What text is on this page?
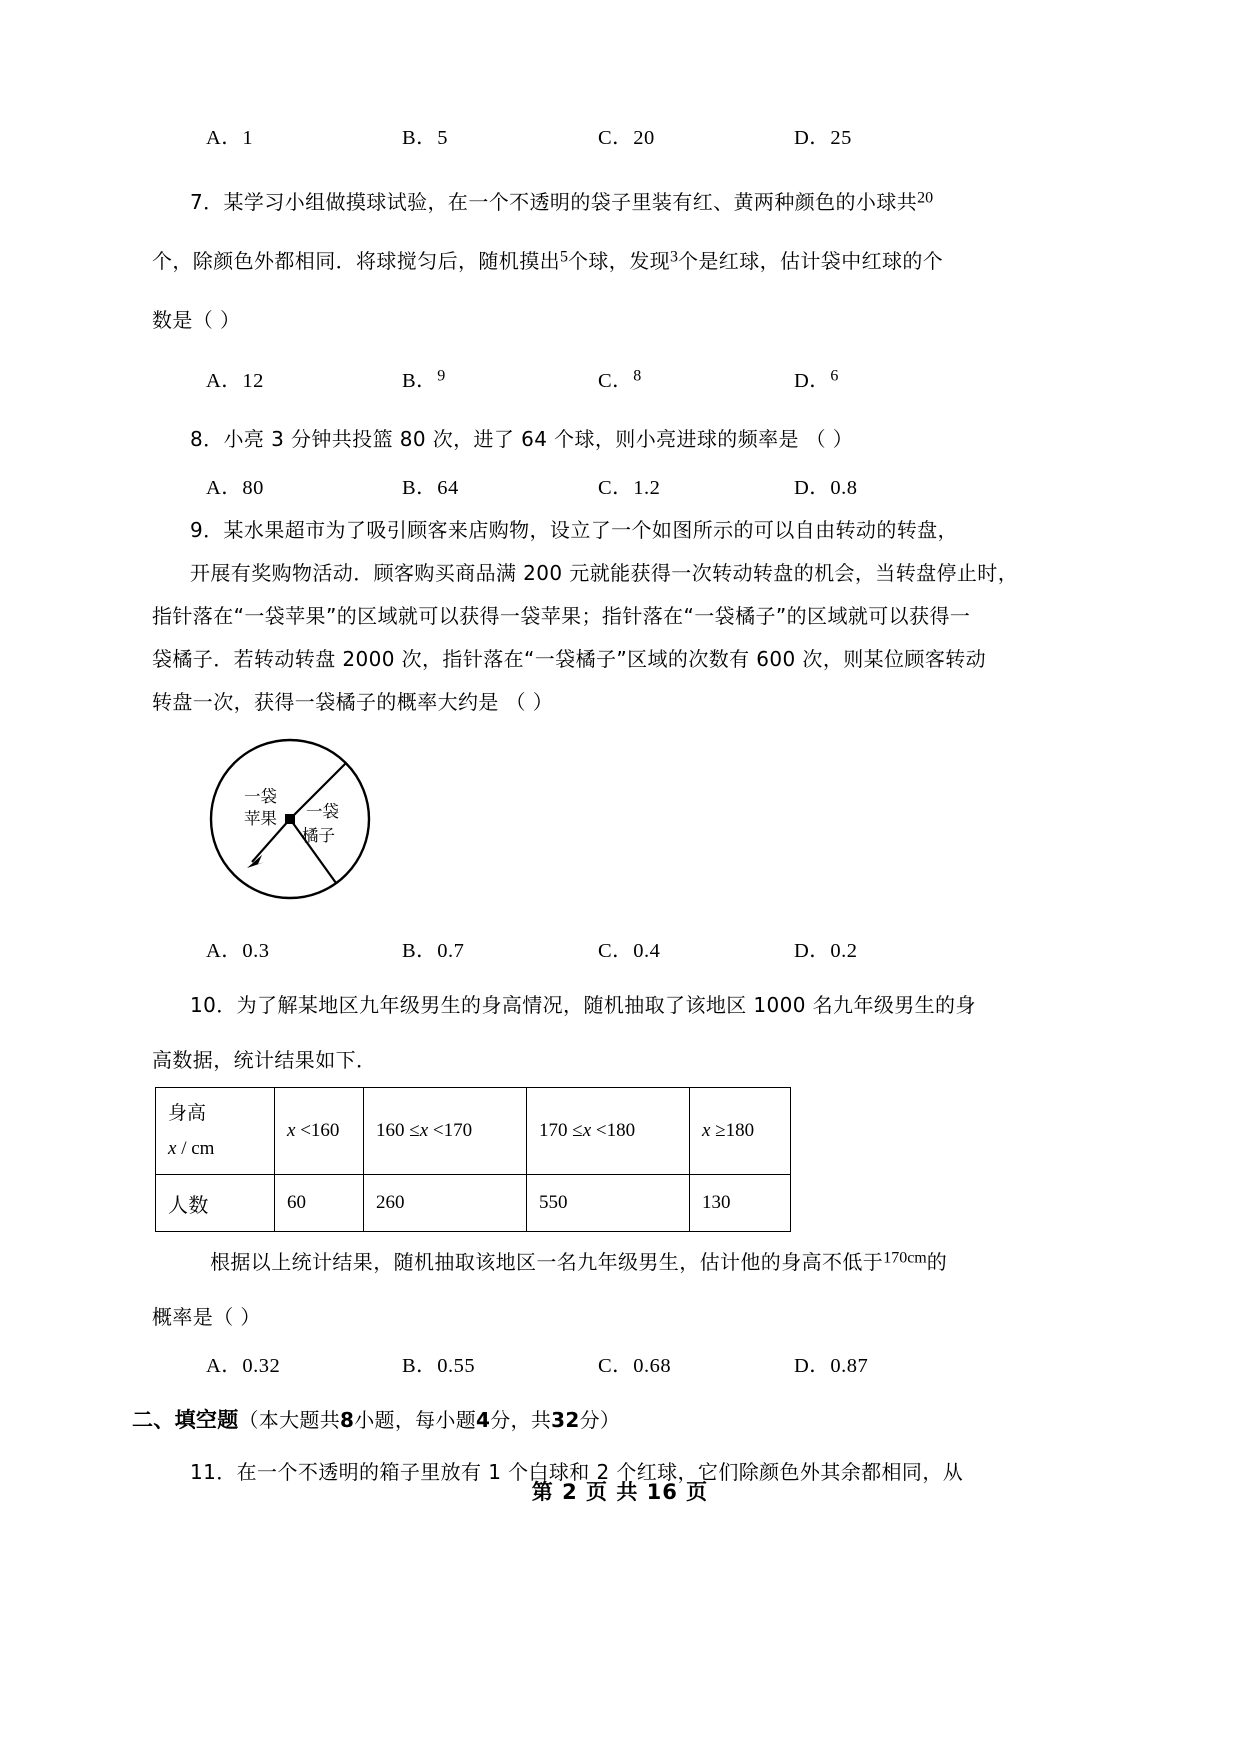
A．1	B．5	C．20	D．25
7．某学习小组做摸球试验，在一个不透明的袋子里装有红、黄两种颜色的小球共$^{20}$
个，除颜色外都相同．将球搅匀后，随机摸出$^5$个球，发现$^3$个是红球，估计袋中红球的个
数是（ ）
A．12	B．$^9$	C．$^8$	D．$^6$
8．小亮 3 分钟共投篮 80 次，进了 64 个球，则小亮进球的频率是 （ ）
A．80	B．64	C．1.2	D．0.8
9．某水果超市为了吸引顾客来店购物，设立了一个如图所示的可以自由转动的转盘，
开展有奖购物活动．顾客购买商品满 200 元就能获得一次转动转盘的机会，当转盘停止时，
指针落在“一袋苹果”的区域就可以获得一袋苹果；指针落在“一袋橘子”的区域就可以获得一
袋橘子．若转动转盘 2000 次，指针落在“一袋橘子”区域的次数有 600 次，则某位顾客转动
转盘一次，获得一袋橘子的概率大约是 （ ）
一袋
苹果 一袋
橘子
A．0.3	B．0.7	C．0.4	D．0.2
10．为了解某地区九年级男生的身高情况，随机抽取了该地区 1000 名九年级男生的身
高数据，统计结果如下．
身高
x / cm	x <160	160 ≤x <170	170 ≤x <180	x ≥180
人数	60	260	550	130
根据以上统计结果，随机抽取该地区一名九年级男生，估计他的身高不低于$^{170cm}$的
概率是（ ）
A．0.32	B．0.55	C．0.68	D．0.87
二、填空题（本大题共8小题，每小题4分，共32分）
11．在一个不透明的箱子里放有 1 个白球和 2 个红球，它们除颜色外其余都相同，从
第 2 页 共 16 页
